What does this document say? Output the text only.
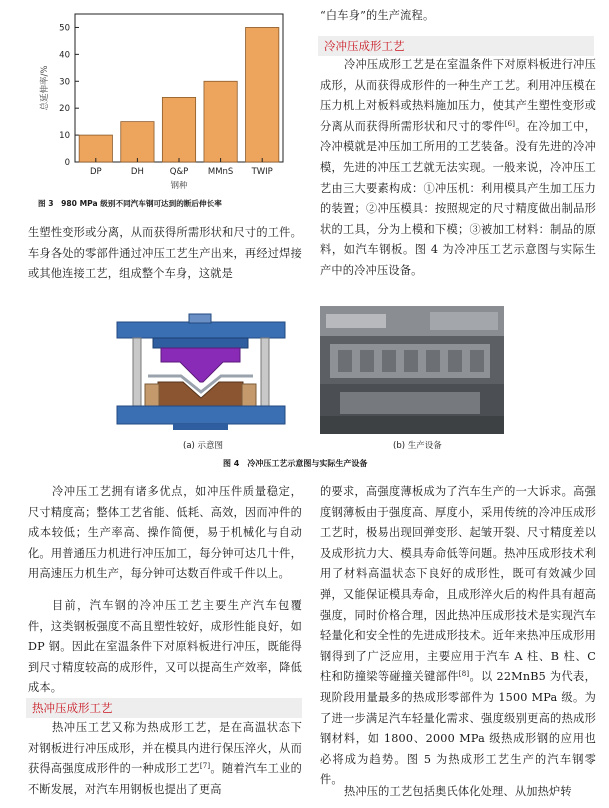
0
10
20
30
40
50
DP	DH	Q&P MMnS TWIP
钢种
总延伸率/%

图 3　980 MPa 级别不同汽车钢可达到的断后伸长率

生塑性变形或分离，从而获得所需形状和尺寸的工件。车身各处的零部件通过冲压工艺生产出来，再经过焊接或其他连接工艺，组成整个车身，这就是

“白车身”的生产流程。

冷冲压成形工艺

冷冲压成形工艺是在室温条件下对原料板进行冲压成形，从而获得成形件的一种生产工艺。利用冲压模在压力机上对板料或热料施加压力，使其产生塑性变形或分离从而获得所需形状和尺寸的零件[6]。在冷加工中，冷冲模就是冲压加工所用的工艺装备。没有先进的冷冲模，先进的冲压工艺就无法实现。一般来说，冷冲压工艺由三大要素构成：①冲压机：利用模具产生加工压力的装置；②冲压模具：按照规定的尺寸精度做出制品形状的工具，分为上模和下模；③被加工材料：制品的原料，如汽车钢板。图 4 为冷冲压工艺示意图与实际生产中的冷冲压设备。

(a) 示意图	(b) 生产设备

图 4　冷冲压工艺示意图与实际生产设备

冷冲压工艺拥有诸多优点，如冲压件质量稳定，尺寸精度高；整体工艺省能、低耗、高效，因而冲件的成本较低；生产率高、操作简便，易于机械化与自动化。用普通压力机进行冲压加工，每分钟可达几十件，用高速压力机生产，每分钟可达数百件或千件以上。

目前，汽车钢的冷冲压工艺主要生产汽车包覆件，这类钢板强度不高且塑性较好，成形性能良好，如 DP 钢。因此在室温条件下对原料板进行冲压，既能得到尺寸精度较高的成形件，又可以提高生产效率，降低成本。

热冲压成形工艺

热冲压工艺又称为热成形工艺，是在高温状态下对钢板进行冲压成形，并在模具内进行保压淬火，从而获得高强度成形件的一种成形工艺[7]。随着汽车工业的不断发展，对汽车用钢板也提出了更高

的要求，高强度薄板成为了汽车生产的一大诉求。高强度钢薄板由于强度高、厚度小，采用传统的冷冲压成形工艺时，极易出现回弹变形、起皱开裂、尺寸精度差以及成形抗力大、模具寿命低等问题。热冲压成形技术利用了材料高温状态下良好的成形性，既可有效减少回弹，又能保证模具寿命，且成形淬火后的构件具有超高强度，同时价格合理，因此热冲压成形技术是实现汽车轻量化和安全性的先进成形技术。近年来热冲压成形用钢得到了广泛应用，主要应用于汽车 A 柱、B 柱、C 柱和防撞梁等碰撞关键部件[8]。以 22MnB5 为代表，现阶段用量最多的热成形零部件为 1500 MPa 级。为了进一步满足汽车轻量化需求、强度级别更高的热成形钢材料，如 1800、2000 MPa 级热成形钢的应用也必将成为趋势。图 5 为热成形工艺生产的汽车钢零件。

热冲压的工艺包括奥氏体化处理、从加热炉转
